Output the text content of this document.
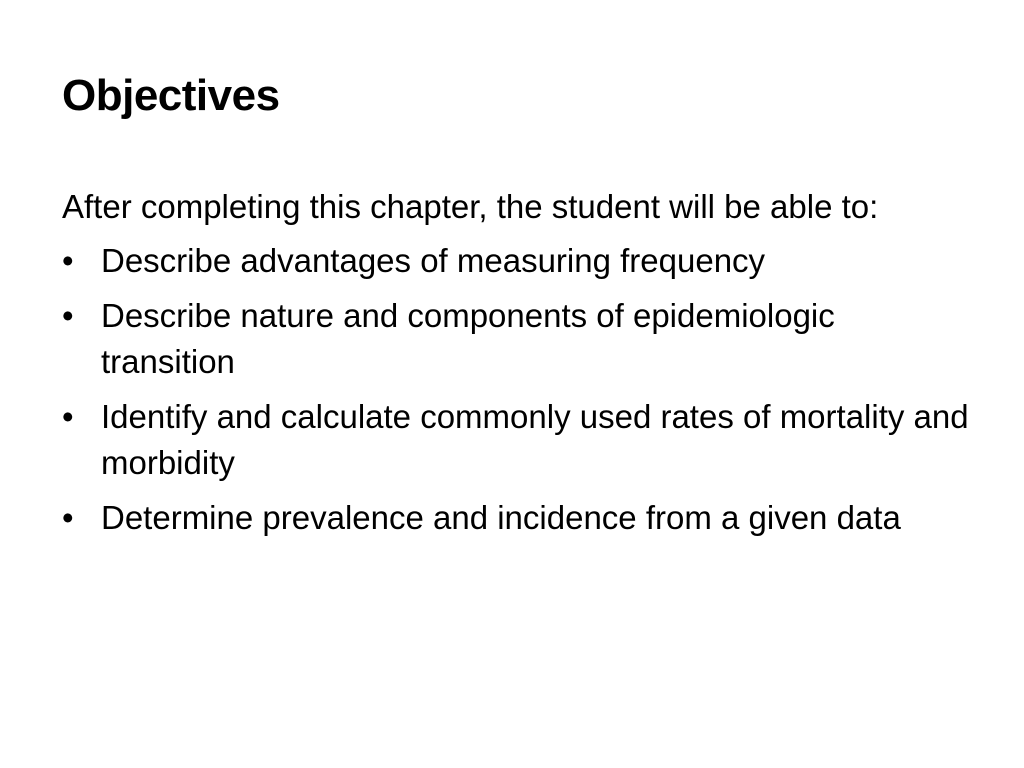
Objectives

After completing this chapter, the student will be able to:

• Describe advantages of measuring frequency
• Describe nature and components of epidemiologic transition
• Identify and calculate commonly used rates of mortality and morbidity
• Determine prevalence and incidence from a given data
